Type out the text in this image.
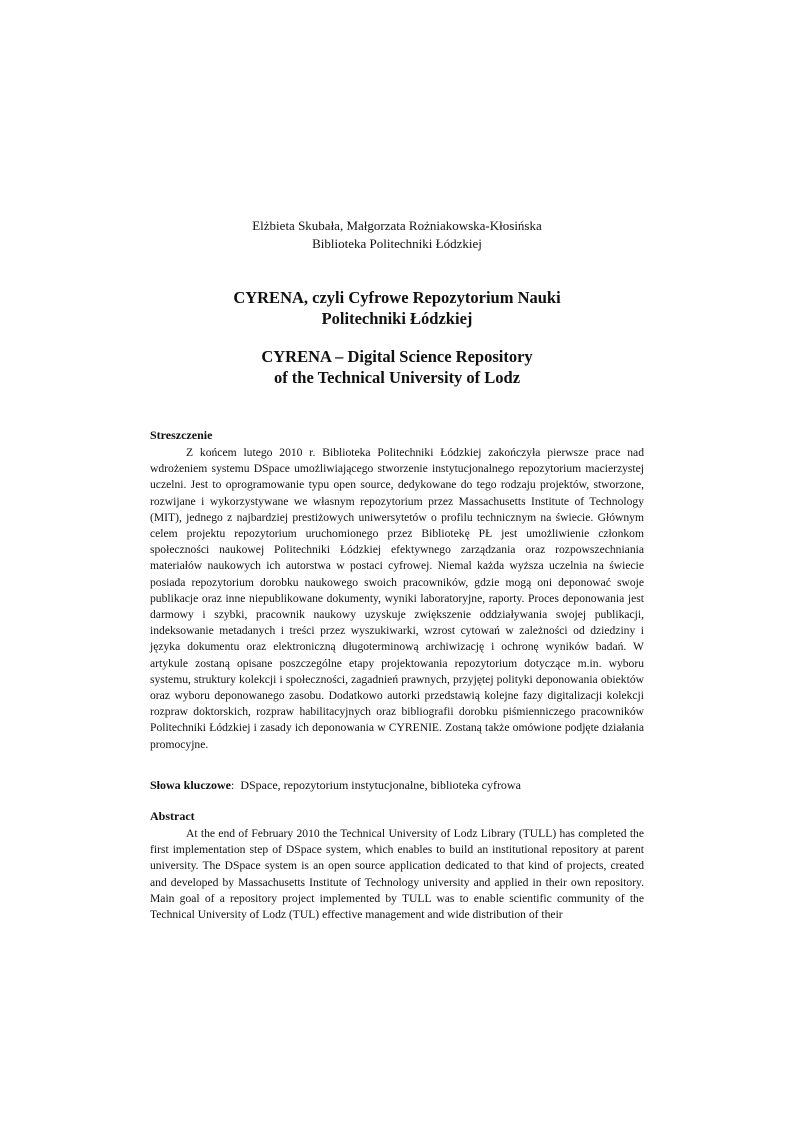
Elżbieta Skubała, Małgorzata Rożniakowska-Kłosińska
Biblioteka Politechniki Łódzkiej
CYRENA, czyli Cyfrowe Repozytorium Nauki
Politechniki Łódzkiej
CYRENA – Digital Science Repository
of the Technical University of Lodz
Streszczenie

Z końcem lutego 2010 r. Biblioteka Politechniki Łódzkiej zakończyła pierwsze prace nad wdrożeniem systemu DSpace umożliwiającego stworzenie instytucjonalnego repozytorium macierzystej uczelni. Jest to oprogramowanie typu open source, dedykowane do tego rodzaju projektów, stworzone, rozwijane i wykorzystywane we własnym repozytorium przez Massachusetts Institute of Technology (MIT), jednego z najbardziej prestiżowych uniwersytetów o profilu technicznym na świecie. Głównym celem projektu repozytorium uruchomionego przez Bibliotekę PŁ jest umożliwienie członkom społeczności naukowej Politechniki Łódzkiej efektywnego zarządzania oraz rozpowszechniania materiałów naukowych ich autorstwa w postaci cyfrowej. Niemal każda wyższa uczelnia na świecie posiada repozytorium dorobku naukowego swoich pracowników, gdzie mogą oni deponować swoje publikacje oraz inne niepublikowane dokumenty, wyniki laboratoryjne, raporty. Proces deponowania jest darmowy i szybki, pracownik naukowy uzyskuje zwiększenie oddziaływania swojej publikacji, indeksowanie metadanych i treści przez wyszukiwarki, wzrost cytowań w zależności od dziedziny i języka dokumentu oraz elektroniczną długoterminową archiwizację i ochronę wyników badań. W artykule zostaną opisane poszczególne etapy projektowania repozytorium dotyczące m.in. wyboru systemu, struktury kolekcji i społeczności, zagadnień prawnych, przyjętej polityki deponowania obiektów oraz wyboru deponowanego zasobu. Dodatkowo autorki przedstawią kolejne fazy digitalizacji kolekcji rozpraw doktorskich, rozpraw habilitacyjnych oraz bibliografii dorobku piśmienniczego pracowników Politechniki Łódzkiej i zasady ich deponowania w CYRENIE. Zostaną także omówione podjęte działania promocyjne.

Słowa kluczowe:  DSpace, repozytorium instytucjonalne, biblioteka cyfrowa
Abstract

At the end of February 2010 the Technical University of Lodz Library (TULL) has completed the first implementation step of DSpace system, which enables to build an institutional repository at parent university. The DSpace system is an open source application dedicated to that kind of projects, created and developed by Massachusetts Institute of Technology university and applied in their own repository. Main goal of a repository project implemented by TULL was to enable scientific community of the Technical University of Lodz (TUL) effective management and wide distribution of their
